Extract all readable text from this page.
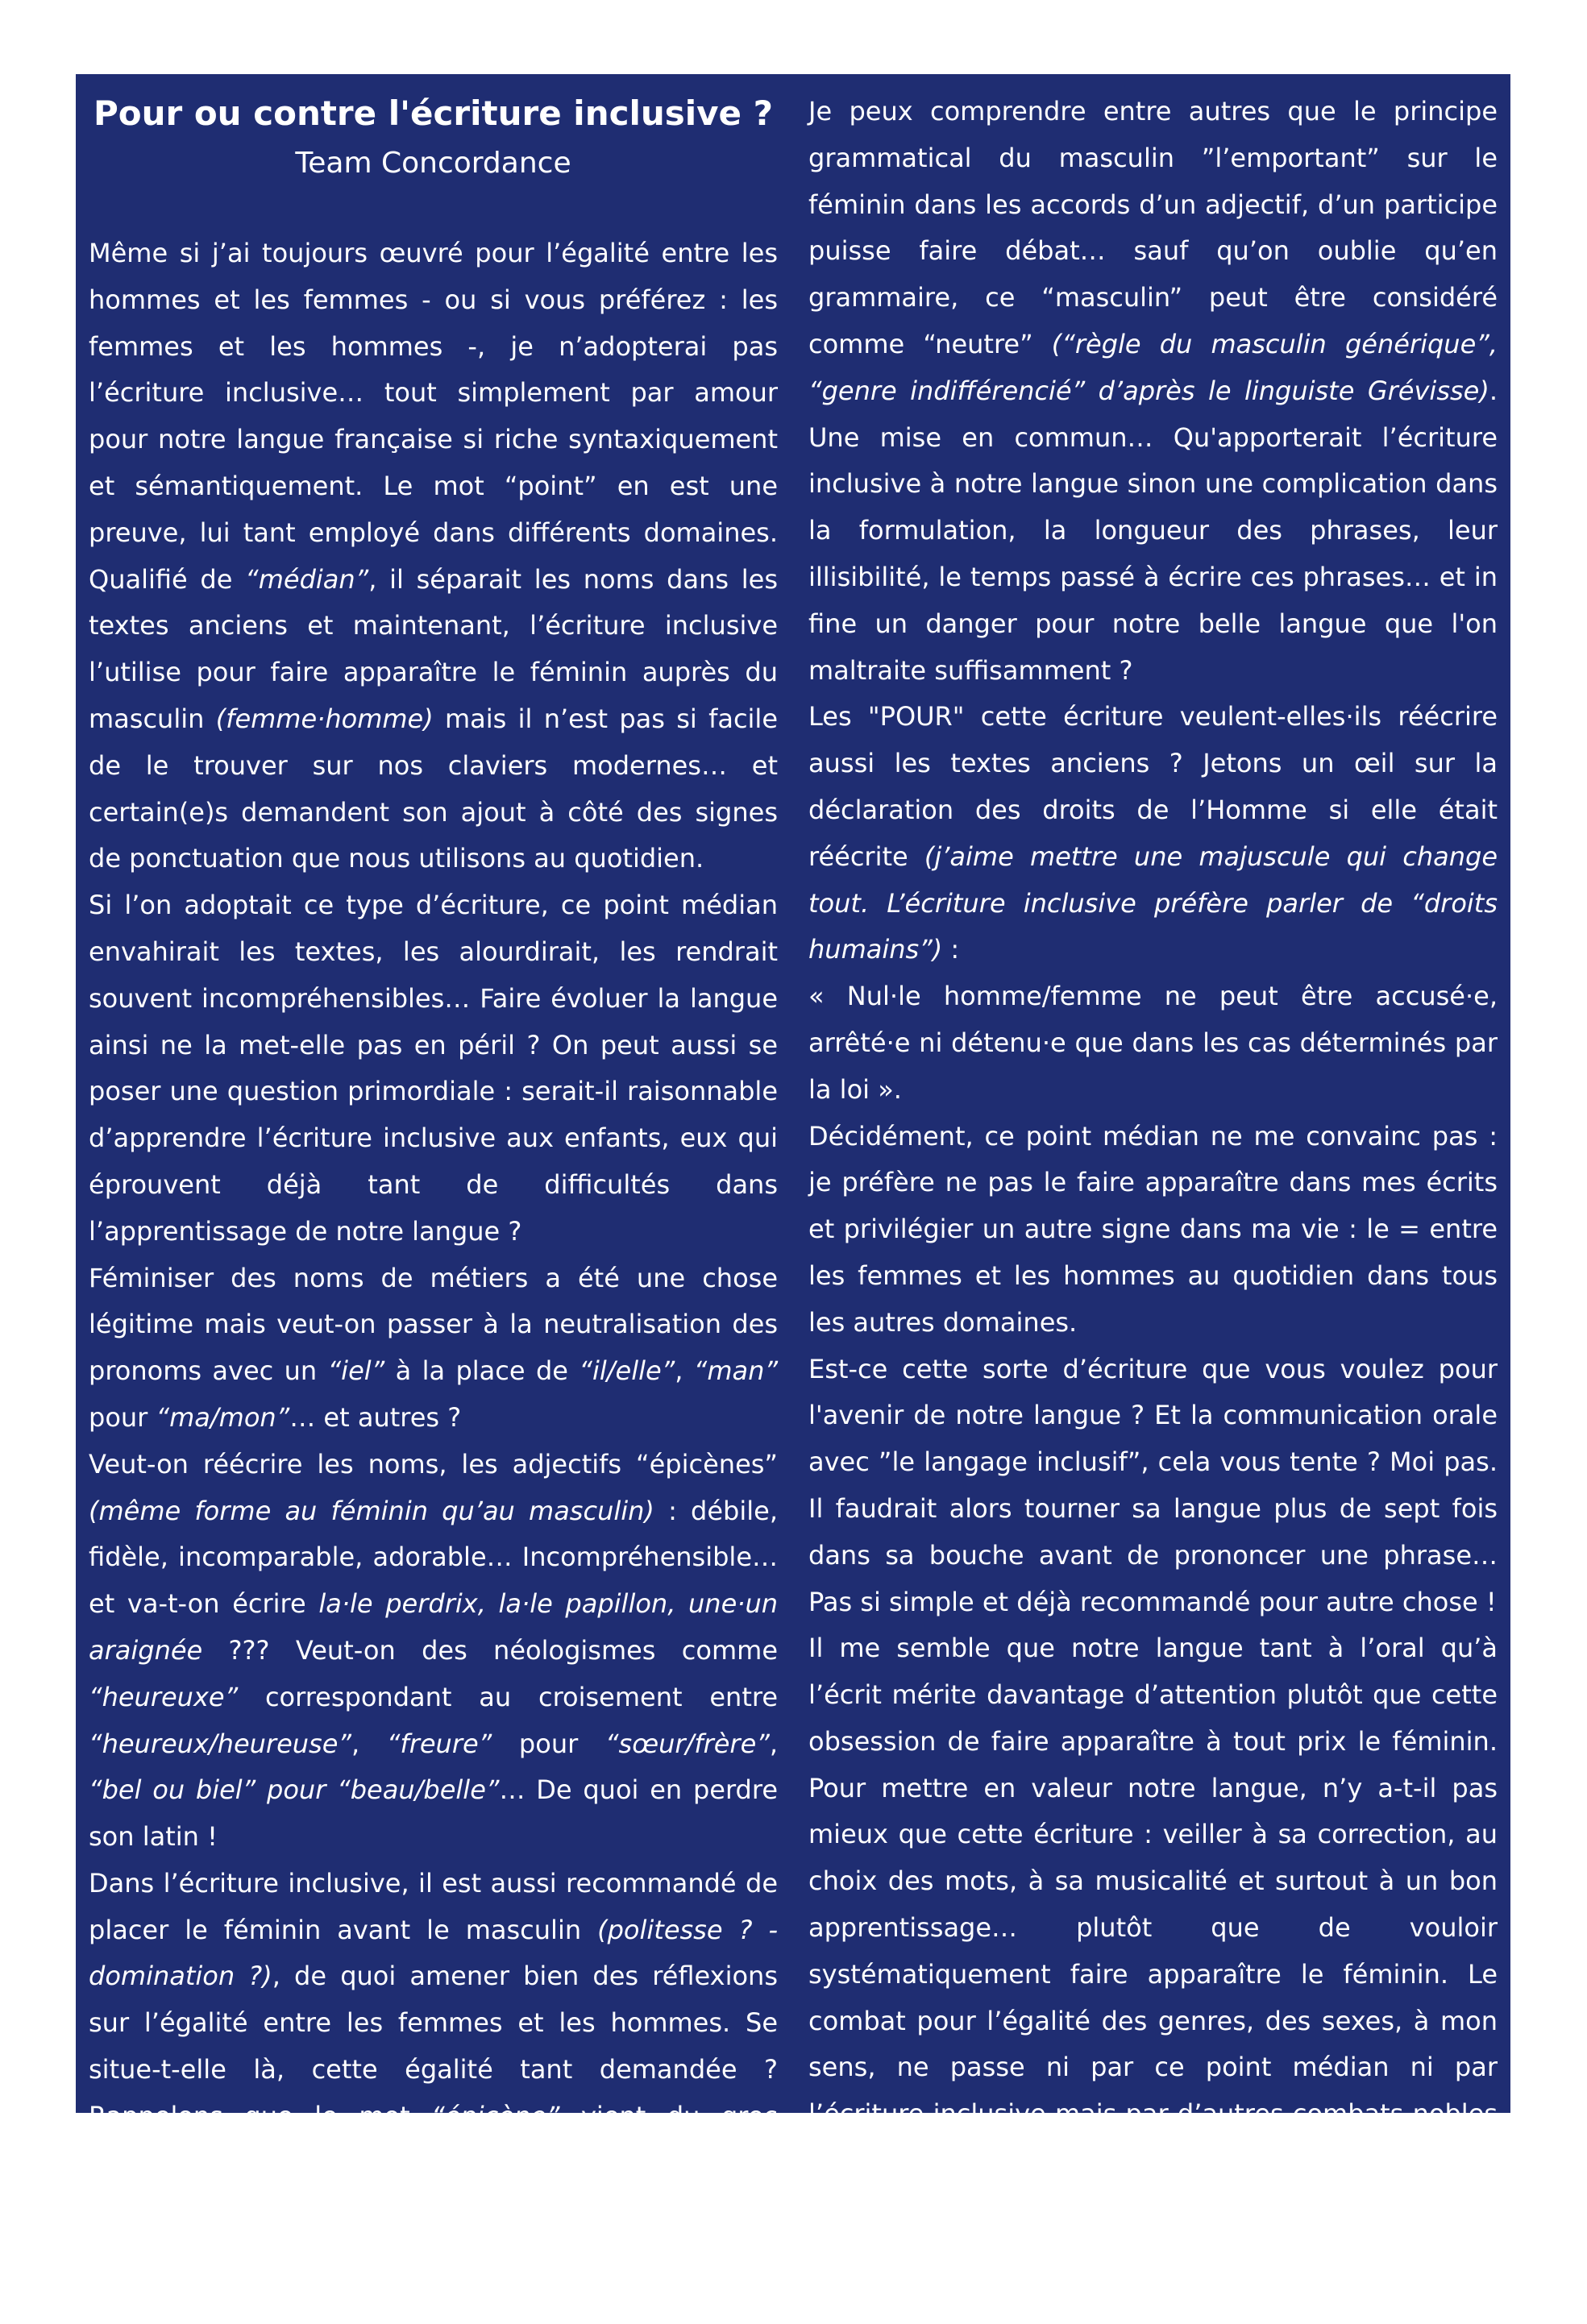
Pour ou contre l'écriture inclusive ?
Team Concordance

Même si j’ai toujours œuvré pour l’égalité entre les hommes et les femmes - ou si vous préférez : les femmes et les hommes -, je n’adopterai pas l’écriture inclusive… tout simplement par amour pour notre langue française si riche syntaxiquement et sémantiquement. Le mot “point” en est une preuve, lui tant employé dans différents domaines. Qualifié de “médian”, il séparait les noms dans les textes anciens et maintenant, l’écriture inclusive l’utilise pour faire apparaître le féminin auprès du masculin (femme·homme) mais il n’est pas si facile de le trouver sur nos claviers modernes… et certain(e)s demandent son ajout à côté des signes de ponctuation que nous utilisons au quotidien.

Si l’on adoptait ce type d’écriture, ce point médian envahirait les textes, les alourdirait, les rendrait souvent incompréhensibles… Faire évoluer la langue ainsi ne la met-elle pas en péril ? On peut aussi se poser une question primordiale : serait-il raisonnable d’apprendre l’écriture inclusive aux enfants, eux qui éprouvent déjà tant de difficultés dans l’apprentissage de notre langue ?

Féminiser des noms de métiers a été une chose légitime mais veut-on passer à la neutralisation des pronoms avec un “iel” à la place de “il/elle”, “man” pour “ma/mon”… et autres ?

Veut-on réécrire les noms, les adjectifs “épicènes” (même forme au féminin qu’au masculin) : débile, fidèle, incomparable, adorable… Incompréhensible… et va-t-on écrire la·le perdrix, la·le papillon, une·un araignée ??? Veut-on des néologismes comme “heureuxe” correspondant au croisement entre “heureux/heureuse”, “freure” pour “sœur/frère”, “bel ou biel” pour “beau/belle”… De quoi en perdre son latin !

Dans l’écriture inclusive, il est aussi recommandé de placer le féminin avant le masculin (politesse ? - domination ?), de quoi amener bien des réflexions sur l’égalité entre les femmes et les hommes. Se situe-t-elle là, cette égalité tant demandée ? Rappelons que le mot “épicène” vient du grec “epikoinos” et signifie “possédé en commun”. Notion pas si inconvenable !

Je peux comprendre entre autres que le principe grammatical du masculin ”l’emportant” sur le féminin dans les accords d’un adjectif, d’un participe puisse faire débat… sauf qu’on oublie qu’en grammaire, ce “masculin” peut être considéré comme “neutre” (“règle du masculin générique”, “genre indifférencié” d’après le linguiste Grévisse). Une mise en commun… Qu'apporterait l’écriture inclusive à notre langue sinon une complication dans la formulation, la longueur des phrases, leur illisibilité, le temps passé à écrire ces phrases… et in fine un danger pour notre belle langue que l'on maltraite suffisamment ?

Les "POUR" cette écriture veulent-elles·ils réécrire aussi les textes anciens ? Jetons un œil sur la déclaration des droits de l’Homme si elle était réécrite (j’aime mettre une majuscule qui change tout. L’écriture inclusive préfère parler de “droits humains”) :

« Nul·le homme/femme ne peut être accusé·e, arrêté·e ni détenu·e que dans les cas déterminés par la loi ».

Décidément, ce point médian ne me convainc pas : je préfère ne pas le faire apparaître dans mes écrits et privilégier un autre signe dans ma vie : le = entre les femmes et les hommes au quotidien dans tous les autres domaines.

Est-ce cette sorte d’écriture que vous voulez pour l'avenir de notre langue ? Et la communication orale avec ”le langage inclusif”, cela vous tente ? Moi pas. Il faudrait alors tourner sa langue plus de sept fois dans sa bouche avant de prononcer une phrase… Pas si simple et déjà recommandé pour autre chose !

Il me semble que notre langue tant à l’oral qu’à l’écrit mérite davantage d’attention plutôt que cette obsession de faire apparaître à tout prix le féminin. Pour mettre en valeur notre langue, n’y a-t-il pas mieux que cette écriture : veiller à sa correction, au choix des mots, à sa musicalité et surtout à un bon apprentissage… plutôt que de vouloir systématiquement faire apparaître le féminin. Le combat pour l’égalité des genres, des sexes, à mon sens, ne passe ni par ce point médian ni par l’écriture inclusive mais par d’autres combats nobles et indispensables : égalité des salaires, défense des femmes battues… et tant d’autres.

Alors, OUI à l'égalité dans l’acceptation de nos différences et NON l’écriture inclusive !
